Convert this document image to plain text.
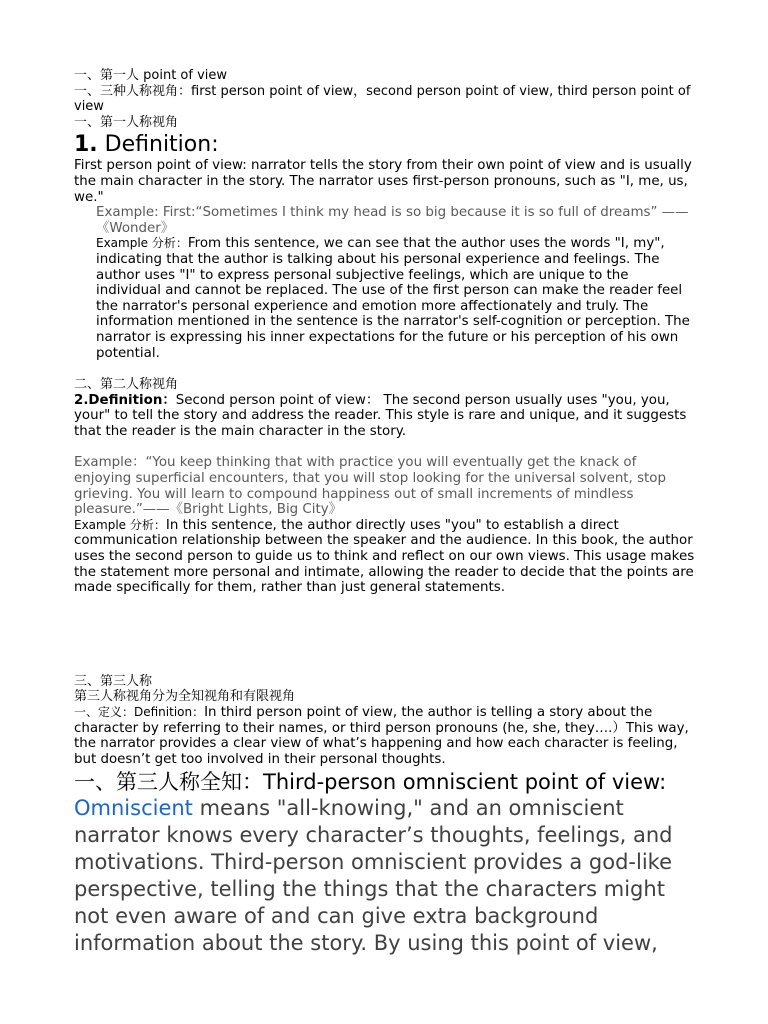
一、第一人 point of view

一、三种人称视角：first person point of view，second person point of view, third person point of view

一、第一人称视角

1. Definition:

First person point of view: narrator tells the story from their own point of view and is usually the main character in the story. The narrator uses first-person pronouns, such as "I, me, us, we."

Example: First:“Sometimes I think my head is so big because it is so full of dreams” ——《Wonder》

Example 分析：From this sentence, we can see that the author uses the words "I, my", indicating that the author is talking about his personal experience and feelings. The author uses "I" to express personal subjective feelings, which are unique to the individual and cannot be replaced. The use of the first person can make the reader feel the narrator's personal experience and emotion more affectionately and truly. The information mentioned in the sentence is the narrator's self-cognition or perception. The narrator is expressing his inner expectations for the future or his perception of his own potential.

二、第二人称视角

2.Definition：Second person point of view： The second person usually uses "you, you, your" to tell the story and address the reader. This style is rare and unique, and it suggests that the reader is the main character in the story.

Example：“You keep thinking that with practice you will eventually get the knack of enjoying superficial encounters, that you will stop looking for the universal solvent, stop grieving. You will learn to compound happiness out of small increments of mindless pleasure.”——《Bright Lights, Big City》

Example 分析：In this sentence, the author directly uses "you" to establish a direct communication relationship between the speaker and the audience. In this book, the author uses the second person to guide us to think and reflect on our own views. This usage makes the statement more personal and intimate, allowing the reader to decide that the points are made specifically for them, rather than just general statements.

三、第三人称

第三人称视角分为全知视角和有限视角

一、定义：Definition：In third person point of view, the author is telling a story about the character by referring to their names, or third person pronouns (he, she, they….）This way, the narrator provides a clear view of what’s happening and how each character is feeling, but doesn’t get too involved in their personal thoughts.

一、第三人称全知：Third-person omniscient point of view:

Omniscient means "all-knowing," and an omniscient narrator knows every character’s thoughts, feelings, and motivations. Third-person omniscient provides a god-like perspective, telling the things that the characters might not even aware of and can give extra background information about the story. By using this point of view,
